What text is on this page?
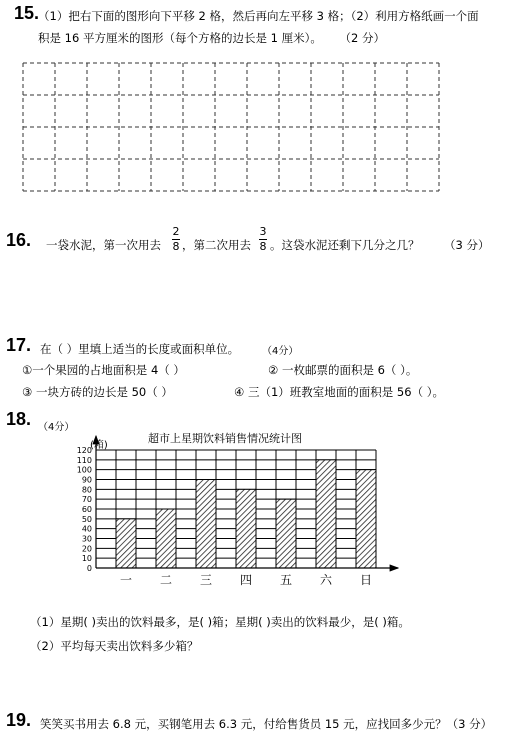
15.
（1）把右下面的图形向下平移 2 格，然后再向左平移 3 格；（2）利用方格纸画一个面
积是 16 平方厘米的图形（每个方格的边长是 1 厘米）。 （2 分）
16. 一袋水泥，第一次用去
2
8 ，第二次用去
3
8 。这袋水泥还剩下几分之几？ （3 分）
17. 在（ ）里填上适当的长度或面积单位。 （4分）
①一个果园的占地面积是 4（ ）	② 一枚邮票的面积是 6（ ）。
③ 一块方砖的边长是 50（ ）	④ 三（1）班教室地面的面积是 56（ ）。
18. （4分）
超市上星期饮料销售情况统计图
0
10
20
30
40
50
60
70
80
90
100
110
120
一 二 三 四 五 六 日
(箱)
（1）星期( )卖出的饮料最多，是( )箱；星期( )卖出的饮料最少，是( )箱。
（2）平均每天卖出饮料多少箱？
19. 笑笑买书用去 6.8 元，买钢笔用去 6.3 元，付给售货员 15 元，应找回多少元？（3 分）
